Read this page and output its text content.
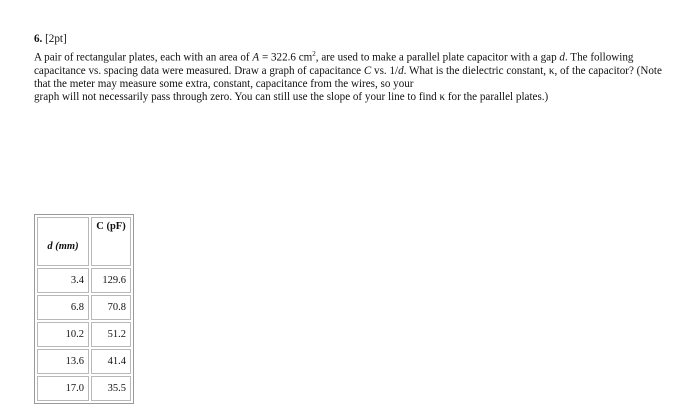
6. [2pt]

A pair of rectangular plates, each with an area of A = 322.6 $cm^2$, are used to make a parallel plate capacitor with a gap d. The following

capacitance vs. spacing data were measured. Draw a graph of capacitance C vs. 1/d. What is the dielectric constant, κ, of the capacitor? (Note

that the meter may measure some extra, constant, capacitance from the wires, so your

graph will not necessarily pass through zero. You can still use the slope of your line to find κ for the parallel plates.)

d (mm)	C (pF)
3.4	129.6
6.8	70.8
10.2	51.2
13.6	41.4
17.0	35.5
